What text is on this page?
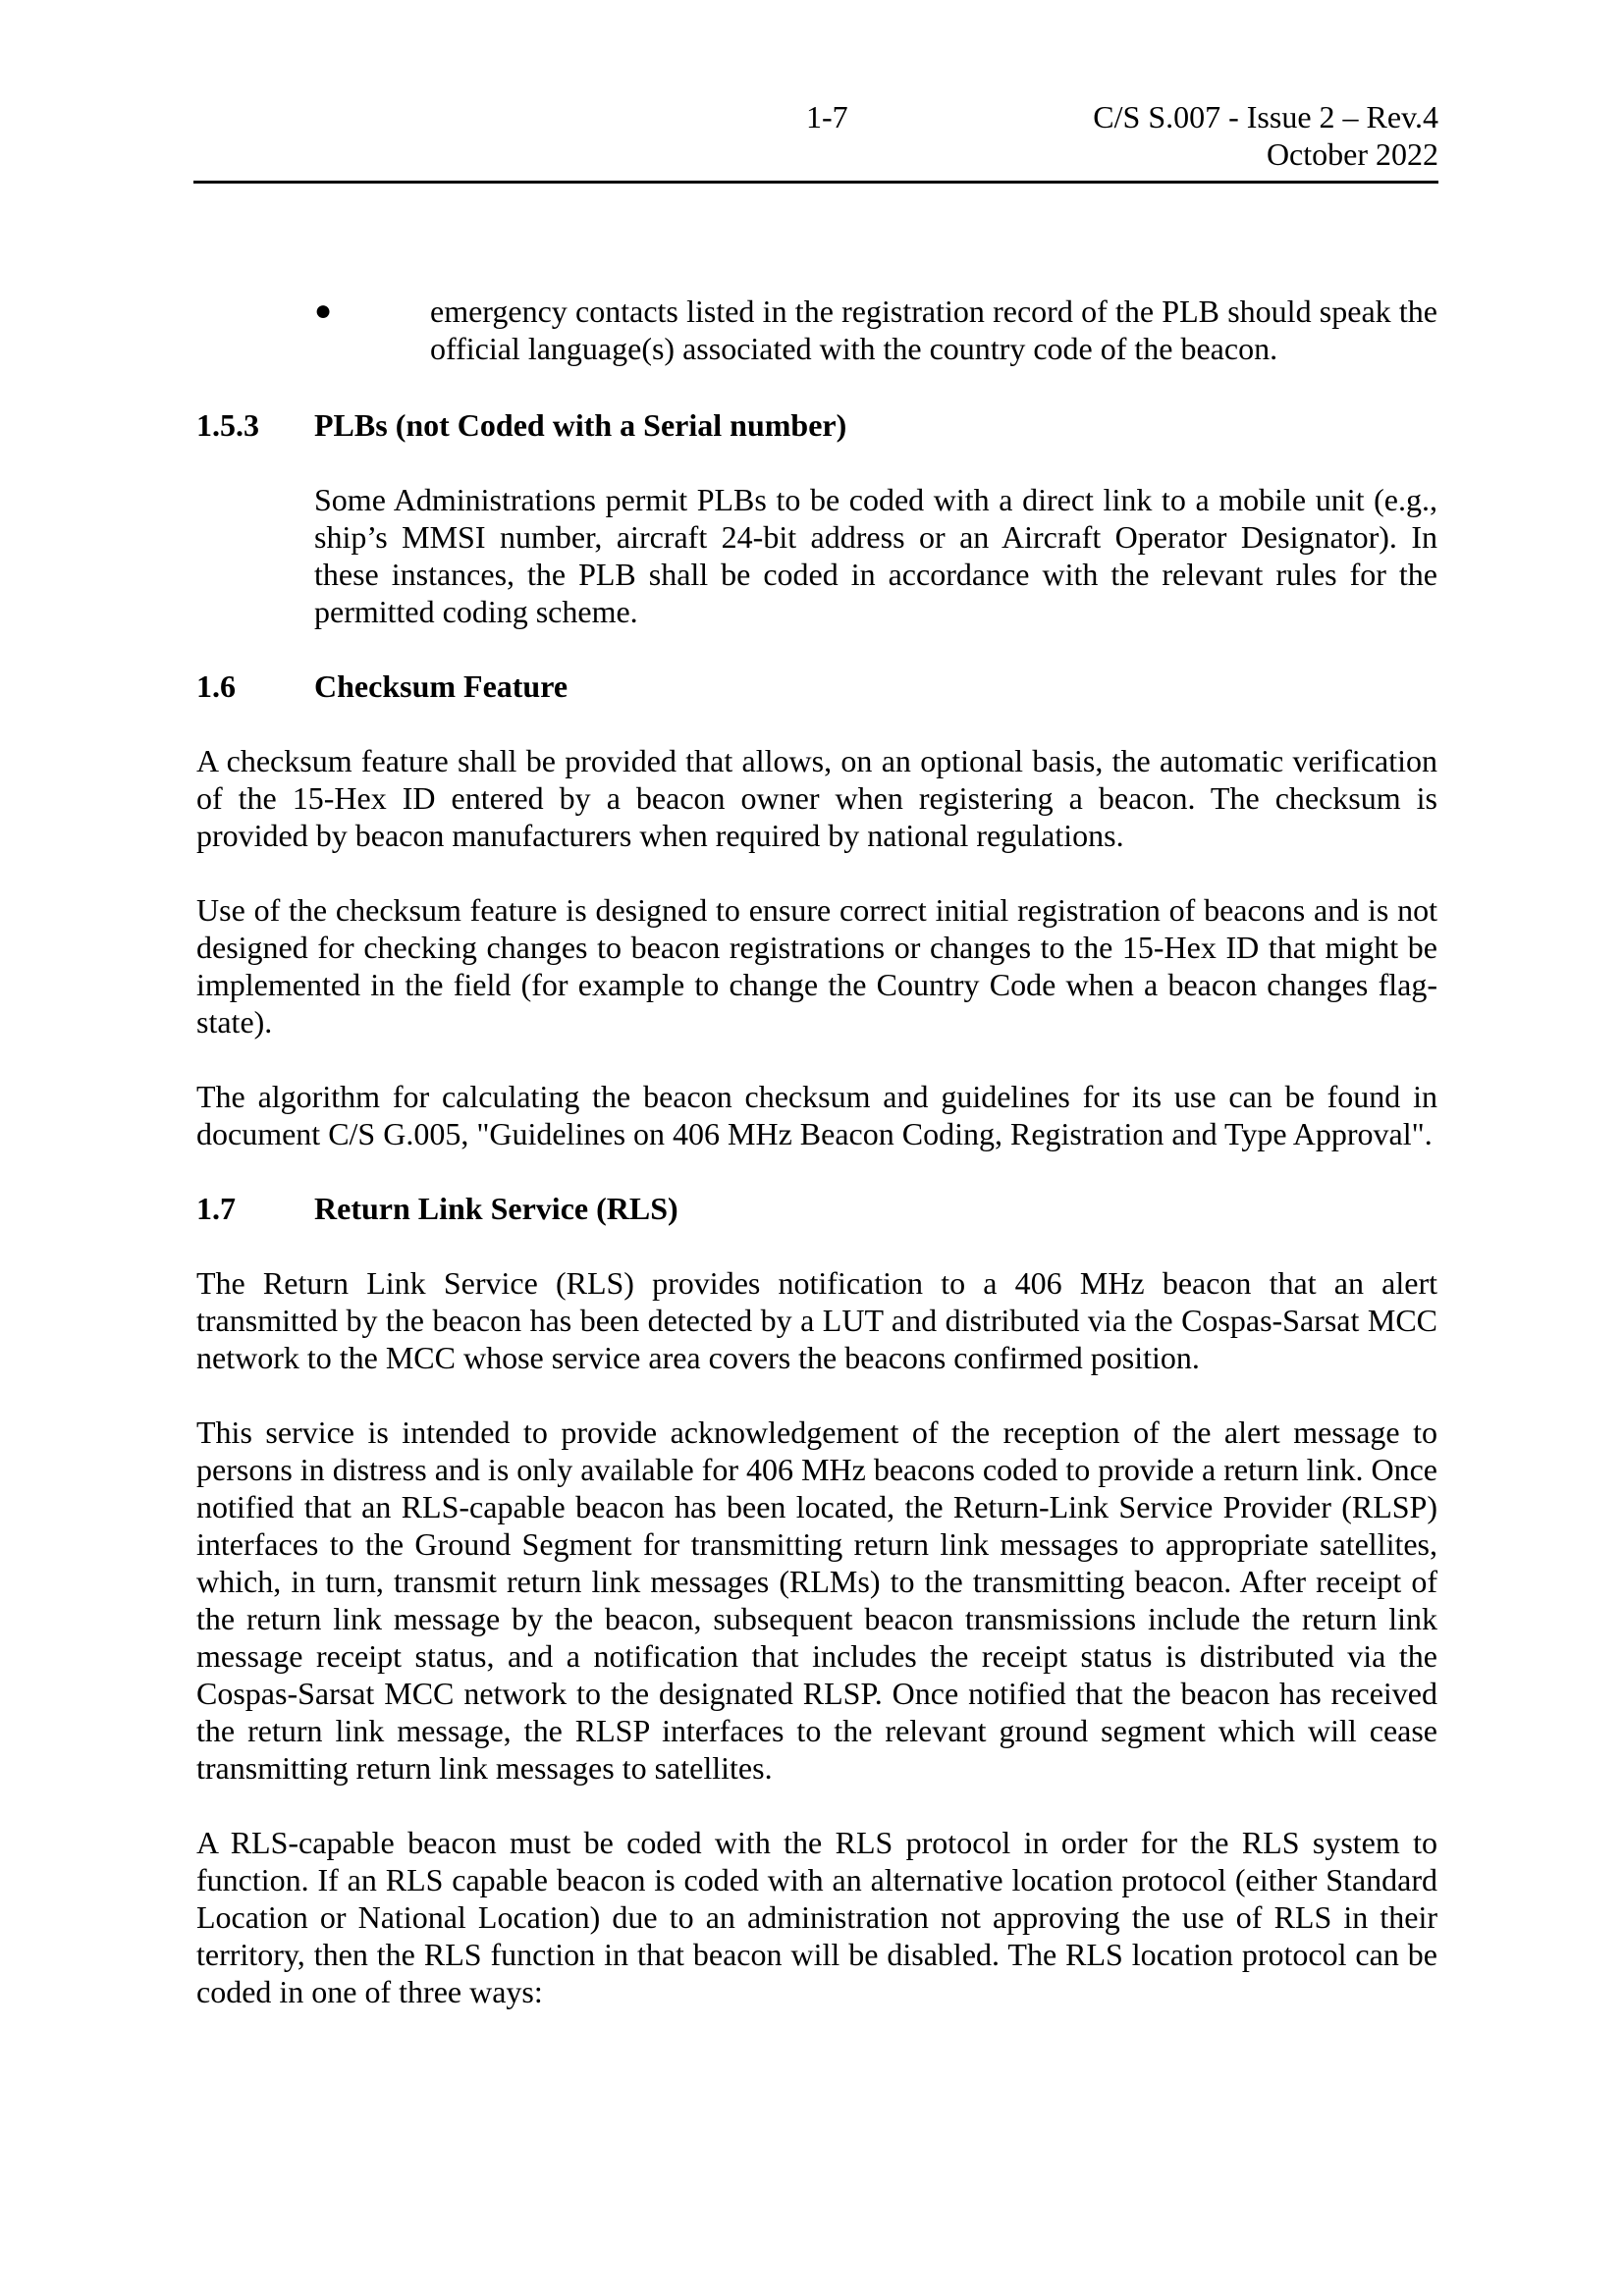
1-7	C/S S.007 - Issue 2 – Rev.4
October 2022
●	emergency contacts listed in the registration record of the PLB should speak the official language(s) associated with the country code of the beacon.
1.5.3	PLBs (not Coded with a Serial number)

Some Administrations permit PLBs to be coded with a direct link to a mobile unit (e.g., ship’s MMSI number, aircraft 24-bit address or an Aircraft Operator Designator). In these instances, the PLB shall be coded in accordance with the relevant rules for the permitted coding scheme.

1.6	Checksum Feature

A checksum feature shall be provided that allows, on an optional basis, the automatic verification of the 15-Hex ID entered by a beacon owner when registering a beacon. The checksum is provided by beacon manufacturers when required by national regulations.

Use of the checksum feature is designed to ensure correct initial registration of beacons and is not designed for checking changes to beacon registrations or changes to the 15-Hex ID that might be implemented in the field (for example to change the Country Code when a beacon changes flag-state).

The algorithm for calculating the beacon checksum and guidelines for its use can be found in document C/S G.005, "Guidelines on 406 MHz Beacon Coding, Registration and Type Approval".

1.7	Return Link Service (RLS)

The Return Link Service (RLS) provides notification to a 406 MHz beacon that an alert transmitted by the beacon has been detected by a LUT and distributed via the Cospas-Sarsat MCC network to the MCC whose service area covers the beacons confirmed position.

This service is intended to provide acknowledgement of the reception of the alert message to persons in distress and is only available for 406 MHz beacons coded to provide a return link. Once notified that an RLS-capable beacon has been located, the Return-Link Service Provider (RLSP) interfaces to the Ground Segment for transmitting return link messages to appropriate satellites, which, in turn, transmit return link messages (RLMs) to the transmitting beacon. After receipt of the return link message by the beacon, subsequent beacon transmissions include the return link message receipt status, and a notification that includes the receipt status is distributed via the Cospas-Sarsat MCC network to the designated RLSP. Once notified that the beacon has received the return link message, the RLSP interfaces to the relevant ground segment which will cease transmitting return link messages to satellites.

A RLS-capable beacon must be coded with the RLS protocol in order for the RLS system to function. If an RLS capable beacon is coded with an alternative location protocol (either Standard Location or National Location) due to an administration not approving the use of RLS in their territory, then the RLS function in that beacon will be disabled. The RLS location protocol can be coded in one of three ways:
